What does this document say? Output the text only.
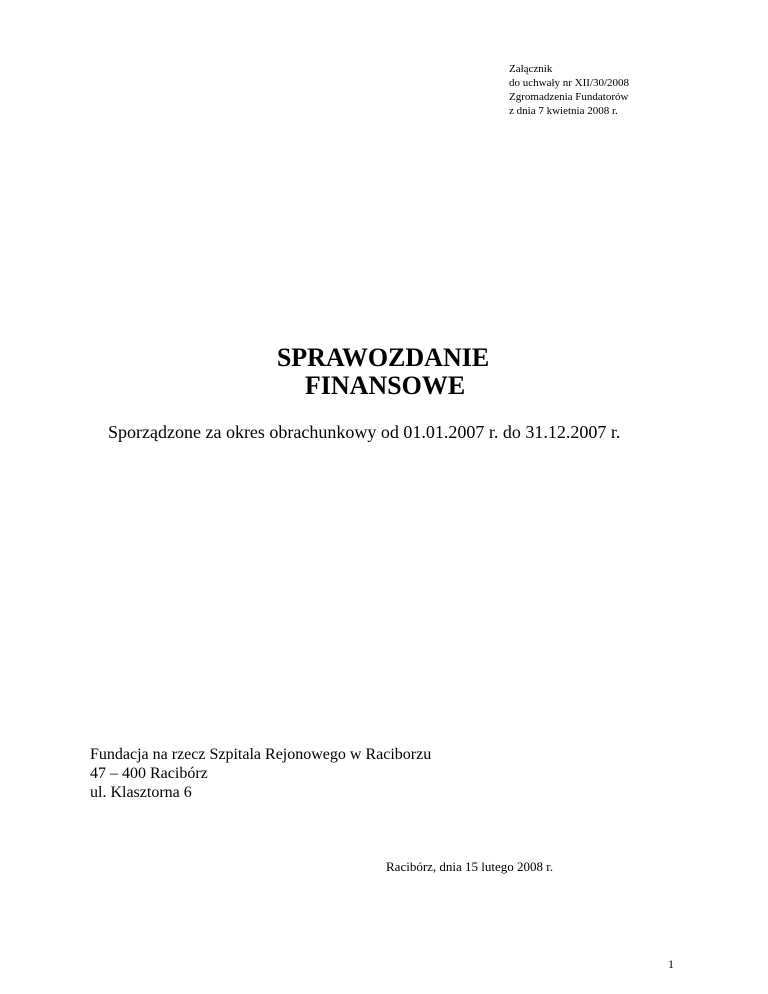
Załącznik
do uchwały nr XII/30/2008
Zgromadzenia Fundatorów
z dnia 7 kwietnia 2008 r.
SPRAWOZDANIE
FINANSOWE
Sporządzone za okres obrachunkowy od 01.01.2007 r. do 31.12.2007 r.
Fundacja na rzecz Szpitala Rejonowego w Raciborzu
47 – 400 Racibórz
ul. Klasztorna 6
Racibórz, dnia 15 lutego 2008 r.
1
